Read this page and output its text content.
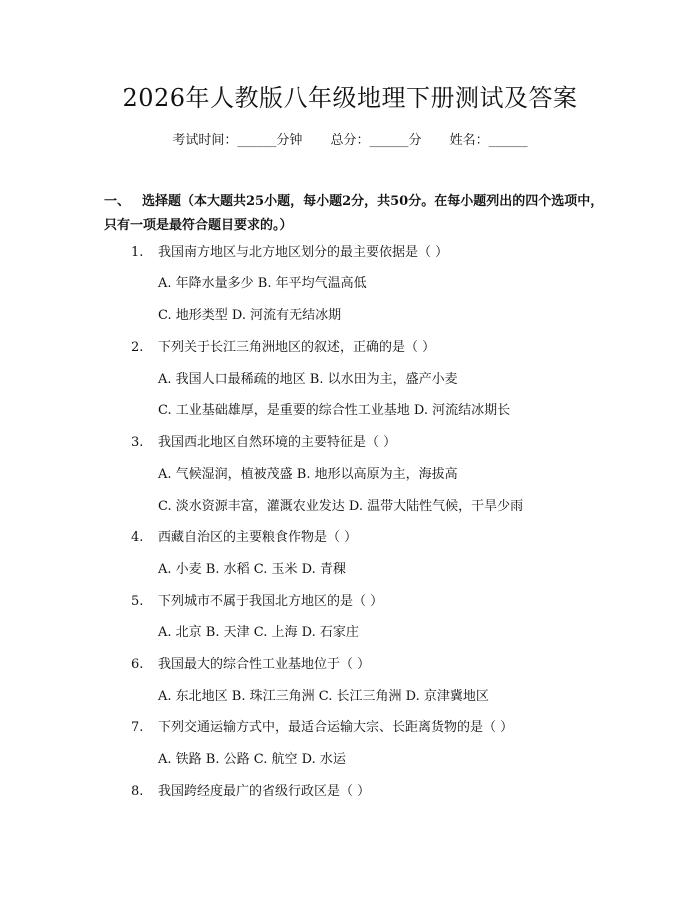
2026年人教版八年级地理下册测试及答案
考试时间：______分钟 总分：______分 姓名：______
一、 选择题（本大题共25小题，每小题2分，共50分。在每小题列出的四个选项中，只有一项是最符合题目要求的。）
1. 我国南方地区与北方地区划分的最主要依据是（ ）
A. 年降水量多少 B. 年平均气温高低
C. 地形类型 D. 河流有无结冰期
2. 下列关于长江三角洲地区的叙述，正确的是（ ）
A. 我国人口最稀疏的地区 B. 以水田为主，盛产小麦
C. 工业基础雄厚，是重要的综合性工业基地 D. 河流结冰期长
3. 我国西北地区自然环境的主要特征是（ ）
A. 气候湿润，植被茂盛 B. 地形以高原为主，海拔高
C. 淡水资源丰富，灌溉农业发达 D. 温带大陆性气候，干旱少雨
4. 西藏自治区的主要粮食作物是（ ）
A. 小麦 B. 水稻 C. 玉米 D. 青稞
5. 下列城市不属于我国北方地区的是（ ）
A. 北京 B. 天津 C. 上海 D. 石家庄
6. 我国最大的综合性工业基地位于（ ）
A. 东北地区 B. 珠江三角洲 C. 长江三角洲 D. 京津冀地区
7. 下列交通运输方式中，最适合运输大宗、长距离货物的是（ ）
A. 铁路 B. 公路 C. 航空 D. 水运
8. 我国跨经度最广的省级行政区是（ ）
